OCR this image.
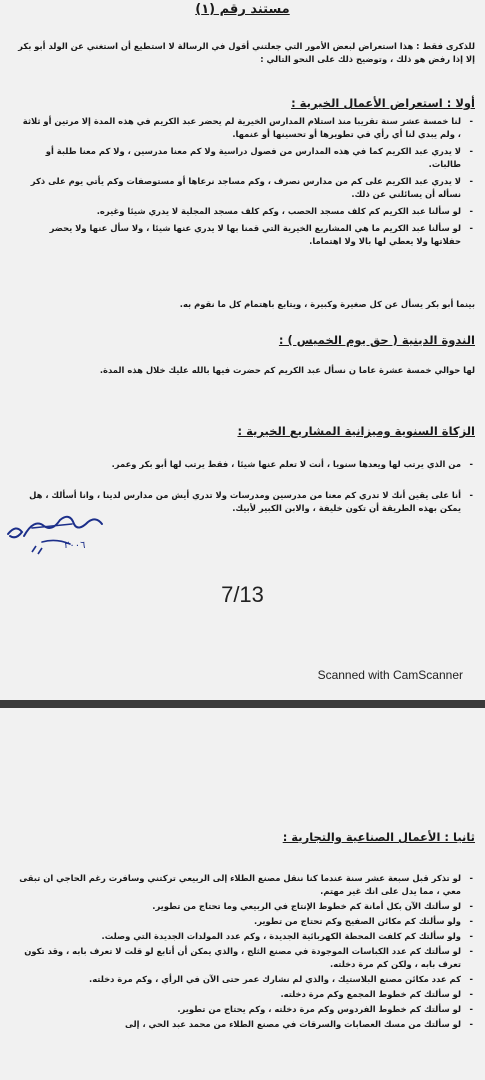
مستند رقم (١)
للذكرى فقط : هذا استعراض لبعض الأمور التي جعلتني أقول في الرسالة لا استطيع أن استغني عن الولد أبو بكر إلا إذا رفض هو ذلك ، وتوضيح ذلك على النحو التالي :
أولا : استعراض الأعمال الخيرية :
- لنا خمسة عشر سنة تقريبا منذ استلام المدارس الخيرية لم يحضر عبد الكريم في هذه المدة إلا مرتين أو ثلاثة ، ولم يبدي لنا أي رأي في تطويرها أو تحسينها أو عنمها.
- لا يدري عبد الكريم كما في هذه المدارس من فصول دراسية ولا كم معنا مدرسين ، ولا كم معنا طلبة أو طالبات.
- لا يدري عبد الكريم على كم من مدارس نصرف ، وكم مساجد نرعاها أو مستوصفات وكم يأتي يوم على ذكر نسأله أن يسائلني عن ذلك.
- لو سألنا عبد الكريم كم كلف مسجد الحصب ، وكم كلف مسجد المجلية لا يدري شيئا وغيره.
- لو سألنا عبد الكريم ما هي المشاريع الخيرية التي قمنا بها لا يدري عنها شيئا ، ولا سأل عنها ولا يحضر حفلاتها ولا يعطي لها بالا ولا اهتماما.
بينما أبو بكر يسأل عن كل صغيرة وكبيرة ، ويتابع باهتمام كل ما نقوم به.
الندوة الدينية ( حق يوم الخميس ) :
لها حوالي خمسة عشرة عاما ن نسأل عبد الكريم كم حضرت فيها بالله عليك خلال هذه المدة.
الزكاة السنوية وميزانية المشاريع الخيرية :
- من الذي يرتب لها ويعدها سنويا ، أنت لا تعلم عنها شيئا ، فقط يرتب لها أبو بكر وعمر.
- أنا على يقين أنك لا تدري كم معنا من مدرسين ومدرسات ولا تدري أيش من مدارس لدينا ، وانا أسألك ، هل يمكن بهذه الطريقة أن تكون خليفة ، والابن الكبير لأبيك.
٢٠٠٦
7/13
Scanned with CamScanner
ثانيا : الأعمال الصناعية والتجارية :
- لو تذكر قبل سبعة عشر سنة عندما كنا ننقل مصنع الطلاء إلى الربيعي تركتني وسافرت رغم الحاجي ان تبقى معي ، مما يدل على انك غير مهتم.
- لو سألتك الآن بكل أمانة كم خطوط الإنتاج في الربيعي وما تحتاج من تطوير.
- ولو سألتك كم مكائن الصفيح وكم تحتاج من تطوير.
- ولو سألتك كم كلفت المحطة الكهربائية الجديدة ، وكم عدد المولدات الجديدة التي وصلت.
- لو سألتك كم عدد الكباسات الموجودة في مصنع الثلج ، والذي يمكن أن أتابع لو قلت لا تعرف بابه ، وقد تكون تعرف بابه ، ولكن كم مرة دخلته.
- كم عدد مكائن مصنع البلاستيك ، والذي لم نشارك عمر حتى الآن في الرأي ، وكم مرة دخلته.
- لو سألتك كم خطوط المجمع وكم مرة دخلته.
- لو سألتك كم خطوط الفردوس وكم مرة دخلته ، وكم يحتاج من تطوير.
- لو سألتك من مسك العصابات والسرقات في مصنع الطلاء من محمد عبد الحي ، إلى
